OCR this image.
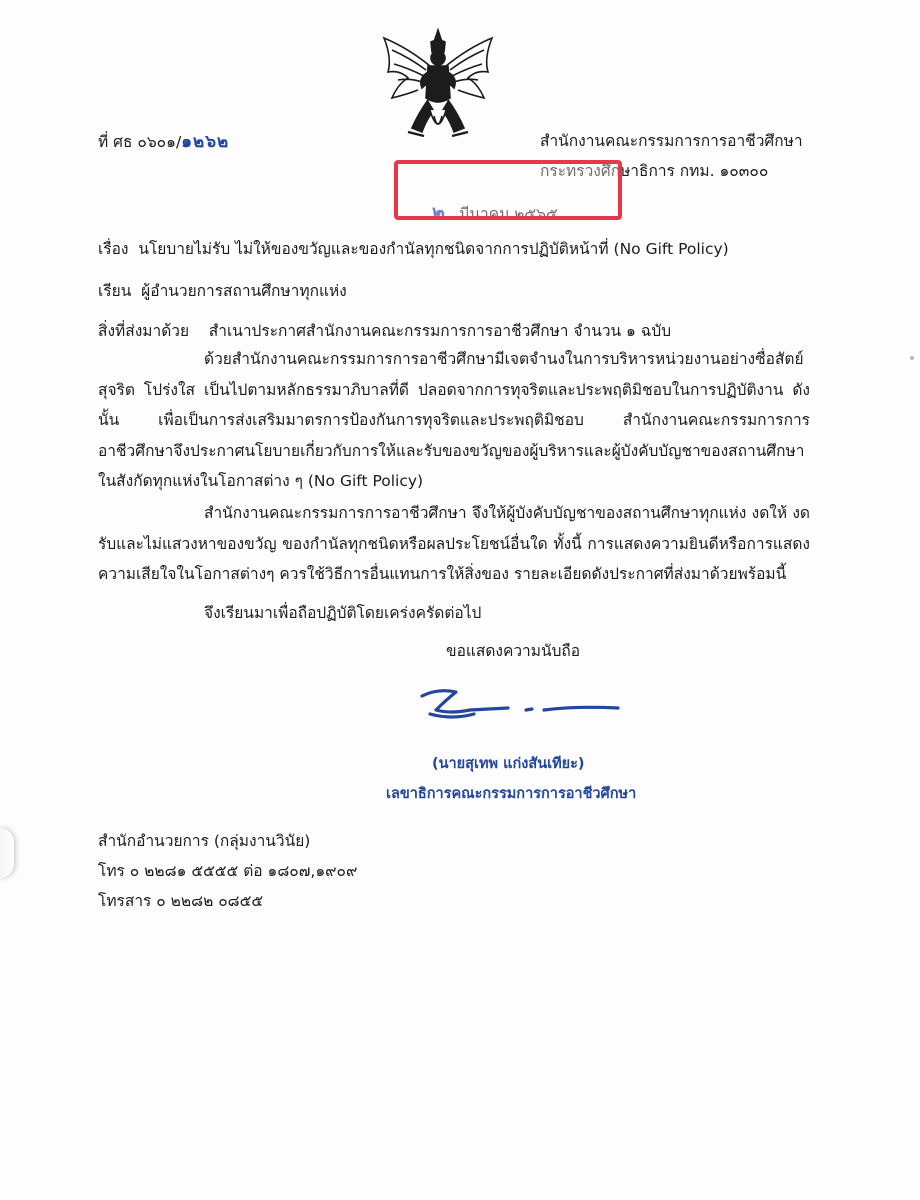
ที่ ศธ ๐๖๐๑/๑๒๖๒	สำนักงานคณะกรรมการการอาชีวศึกษา
กระทรวงศึกษาธิการ กทม. ๑๐๓๐๐
๒ มีนาคม ๒๕๖๕
เรื่อง นโยบายไม่รับ ไม่ให้ของขวัญและของกำนัลทุกชนิดจากการปฏิบัติหน้าที่ (No Gift Policy)
เรียน ผู้อำนวยการสถานศึกษาทุกแห่ง
สิ่งที่ส่งมาด้วย สำเนาประกาศสำนักงานคณะกรรมการการอาชีวศึกษา จำนวน ๑ ฉบับ
ด้วยสำนักงานคณะกรรมการการอาชีวศึกษามีเจตจำนงในการบริหารหน่วยงานอย่างซื่อสัตย์ สุจริต โปร่งใส เป็นไปตามหลักธรรมาภิบาลที่ดี ปลอดจากการทุจริตและประพฤติมิชอบในการปฏิบัติงาน ดังนั้น เพื่อเป็นการส่งเสริมมาตรการป้องกันการทุจริตและประพฤติมิชอบ สำนักงานคณะกรรมการการอาชีวศึกษาจึงประกาศนโยบายเกี่ยวกับการให้และรับของขวัญของผู้บริหารและผู้บังคับบัญชาของสถานศึกษาในสังกัดทุกแห่งในโอกาสต่าง ๆ (No Gift Policy)
สำนักงานคณะกรรมการการอาชีวศึกษา จึงให้ผู้บังคับบัญชาของสถานศึกษาทุกแห่ง งดให้ งดรับและไม่แสวงหาของขวัญ ของกำนัลทุกชนิดหรือผลประโยชน์อื่นใด ทั้งนี้ การแสดงความยินดีหรือการแสดงความเสียใจในโอกาสต่างๆ ควรใช้วิธีการอื่นแทนการให้สิ่งของ รายละเอียดดังประกาศที่ส่งมาด้วยพร้อมนี้
จึงเรียนมาเพื่อถือปฏิบัติโดยเคร่งครัดต่อไป
ขอแสดงความนับถือ
(นายสุเทพ แก่งสันเทียะ)
เลขาธิการคณะกรรมการการอาชีวศึกษา
สำนักอำนวยการ (กลุ่มงานวินัย)
โทร ๐ ๒๒๘๑ ๕๕๕๕ ต่อ ๑๘๐๗,๑๙๐๙
โทรสาร ๐ ๒๒๘๒ ๐๘๕๕
